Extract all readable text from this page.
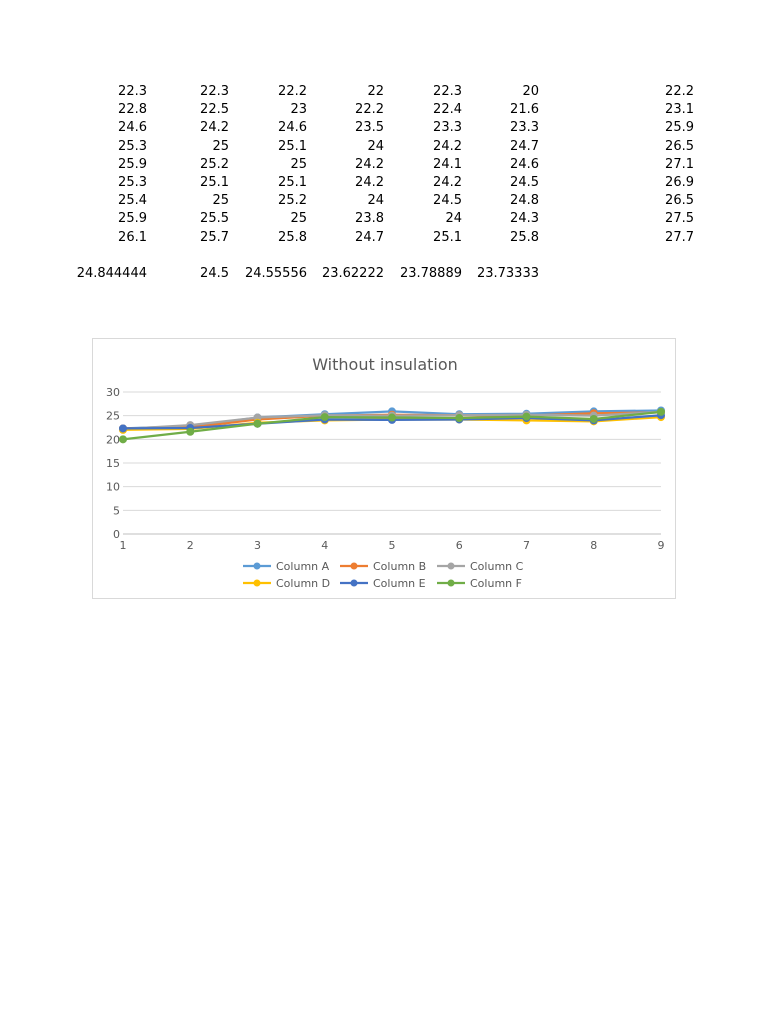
22.3	22.3	22.2	22	22.3	20	22.2
22.8	22.5	23	22.2	22.4	21.6	23.1
24.6	24.2	24.6	23.5	23.3	23.3	25.9
25.3	25	25.1	24	24.2	24.7	26.5
25.9	25.2	25	24.2	24.1	24.6	27.1
25.3	25.1	25.1	24.2	24.2	24.5	26.9
25.4	25	25.2	24	24.5	24.8	26.5
25.9	25.5	25	23.8	24	24.3	27.5
26.1	25.7	25.8	24.7	25.1	25.8	27.7
24.844444	24.5	24.55556	23.62222	23.78889	23.73333
Without insulation
0
5
10
15
20
25
30
1	2	3	4	5	6	7	8	9
Column A	Column B	Column C
Column D	Column E	Column F
